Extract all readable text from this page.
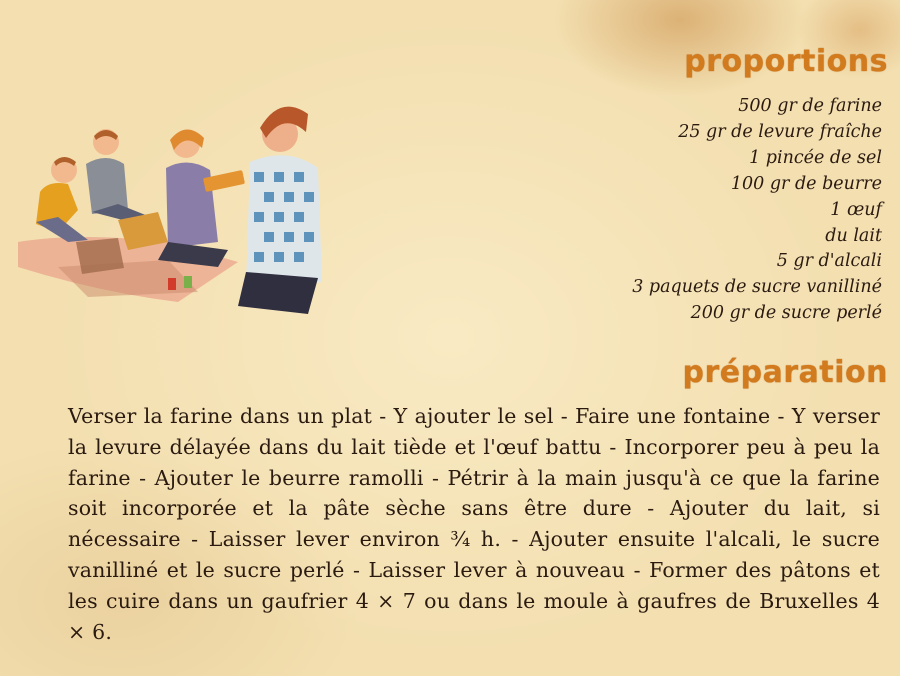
proportions
500 gr de farine
25 gr de levure fraîche
1 pincée de sel
100 gr de beurre
1 œuf
du lait
5 gr d'alcali
3 paquets de sucre vanilliné
200 gr de sucre perlé
préparation
Verser la farine dans un plat - Y ajouter le sel - Faire une fontaine - Y verser la levure délayée dans du lait tiède et l'œuf battu - Incorporer peu à peu la farine - Ajouter le beurre ramolli - Pétrir à la main jusqu'à ce que la farine soit incorporée et la pâte sèche sans être dure - Ajouter du lait, si nécessaire - Laisser lever environ ¾ h. - Ajouter ensuite l'alcali, le sucre vanilliné et le sucre perlé - Laisser lever à nouveau - Former des pâtons et les cuire dans un gaufrier 4 × 7 ou dans le moule à gaufres de Bruxelles 4 × 6.
